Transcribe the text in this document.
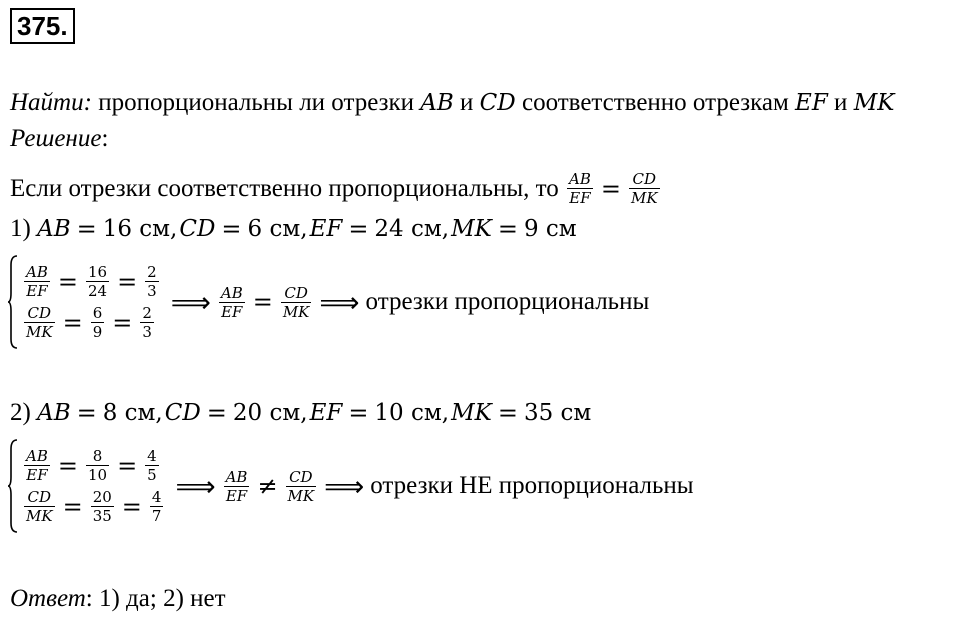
375.
Найти: пропорциональны ли отрезки AB и CD соответственно отрезкам EF и MK
Решение :
Если отрезки соответственно пропорциональны, то $\frac{AB}{EF} = \frac{CD}{MK}$
1) AB = 16 см, CD = 6 см, EF = 24 см, MK = 9 см
$\frac{AB}{EF} = \frac{16}{24} = \frac{2}{3}$
$\frac{CD}{MK} = \frac{6}{9} = \frac{2}{3}$
⟹ $\frac{AB}{EF} = \frac{CD}{MK}$ ⟹ отрезки пропорциональны
2) AB = 8 см, CD = 20 см, EF = 10 см, MK = 35 см
$\frac{AB}{EF} = \frac{8}{10} = \frac{4}{5}$
$\frac{CD}{MK} = \frac{20}{35} = \frac{4}{7}$
⟹ $\frac{AB}{EF} \ne \frac{CD}{MK}$ ⟹ отрезки НЕ пропорциональны
Ответ : 1) да; 2) нет
